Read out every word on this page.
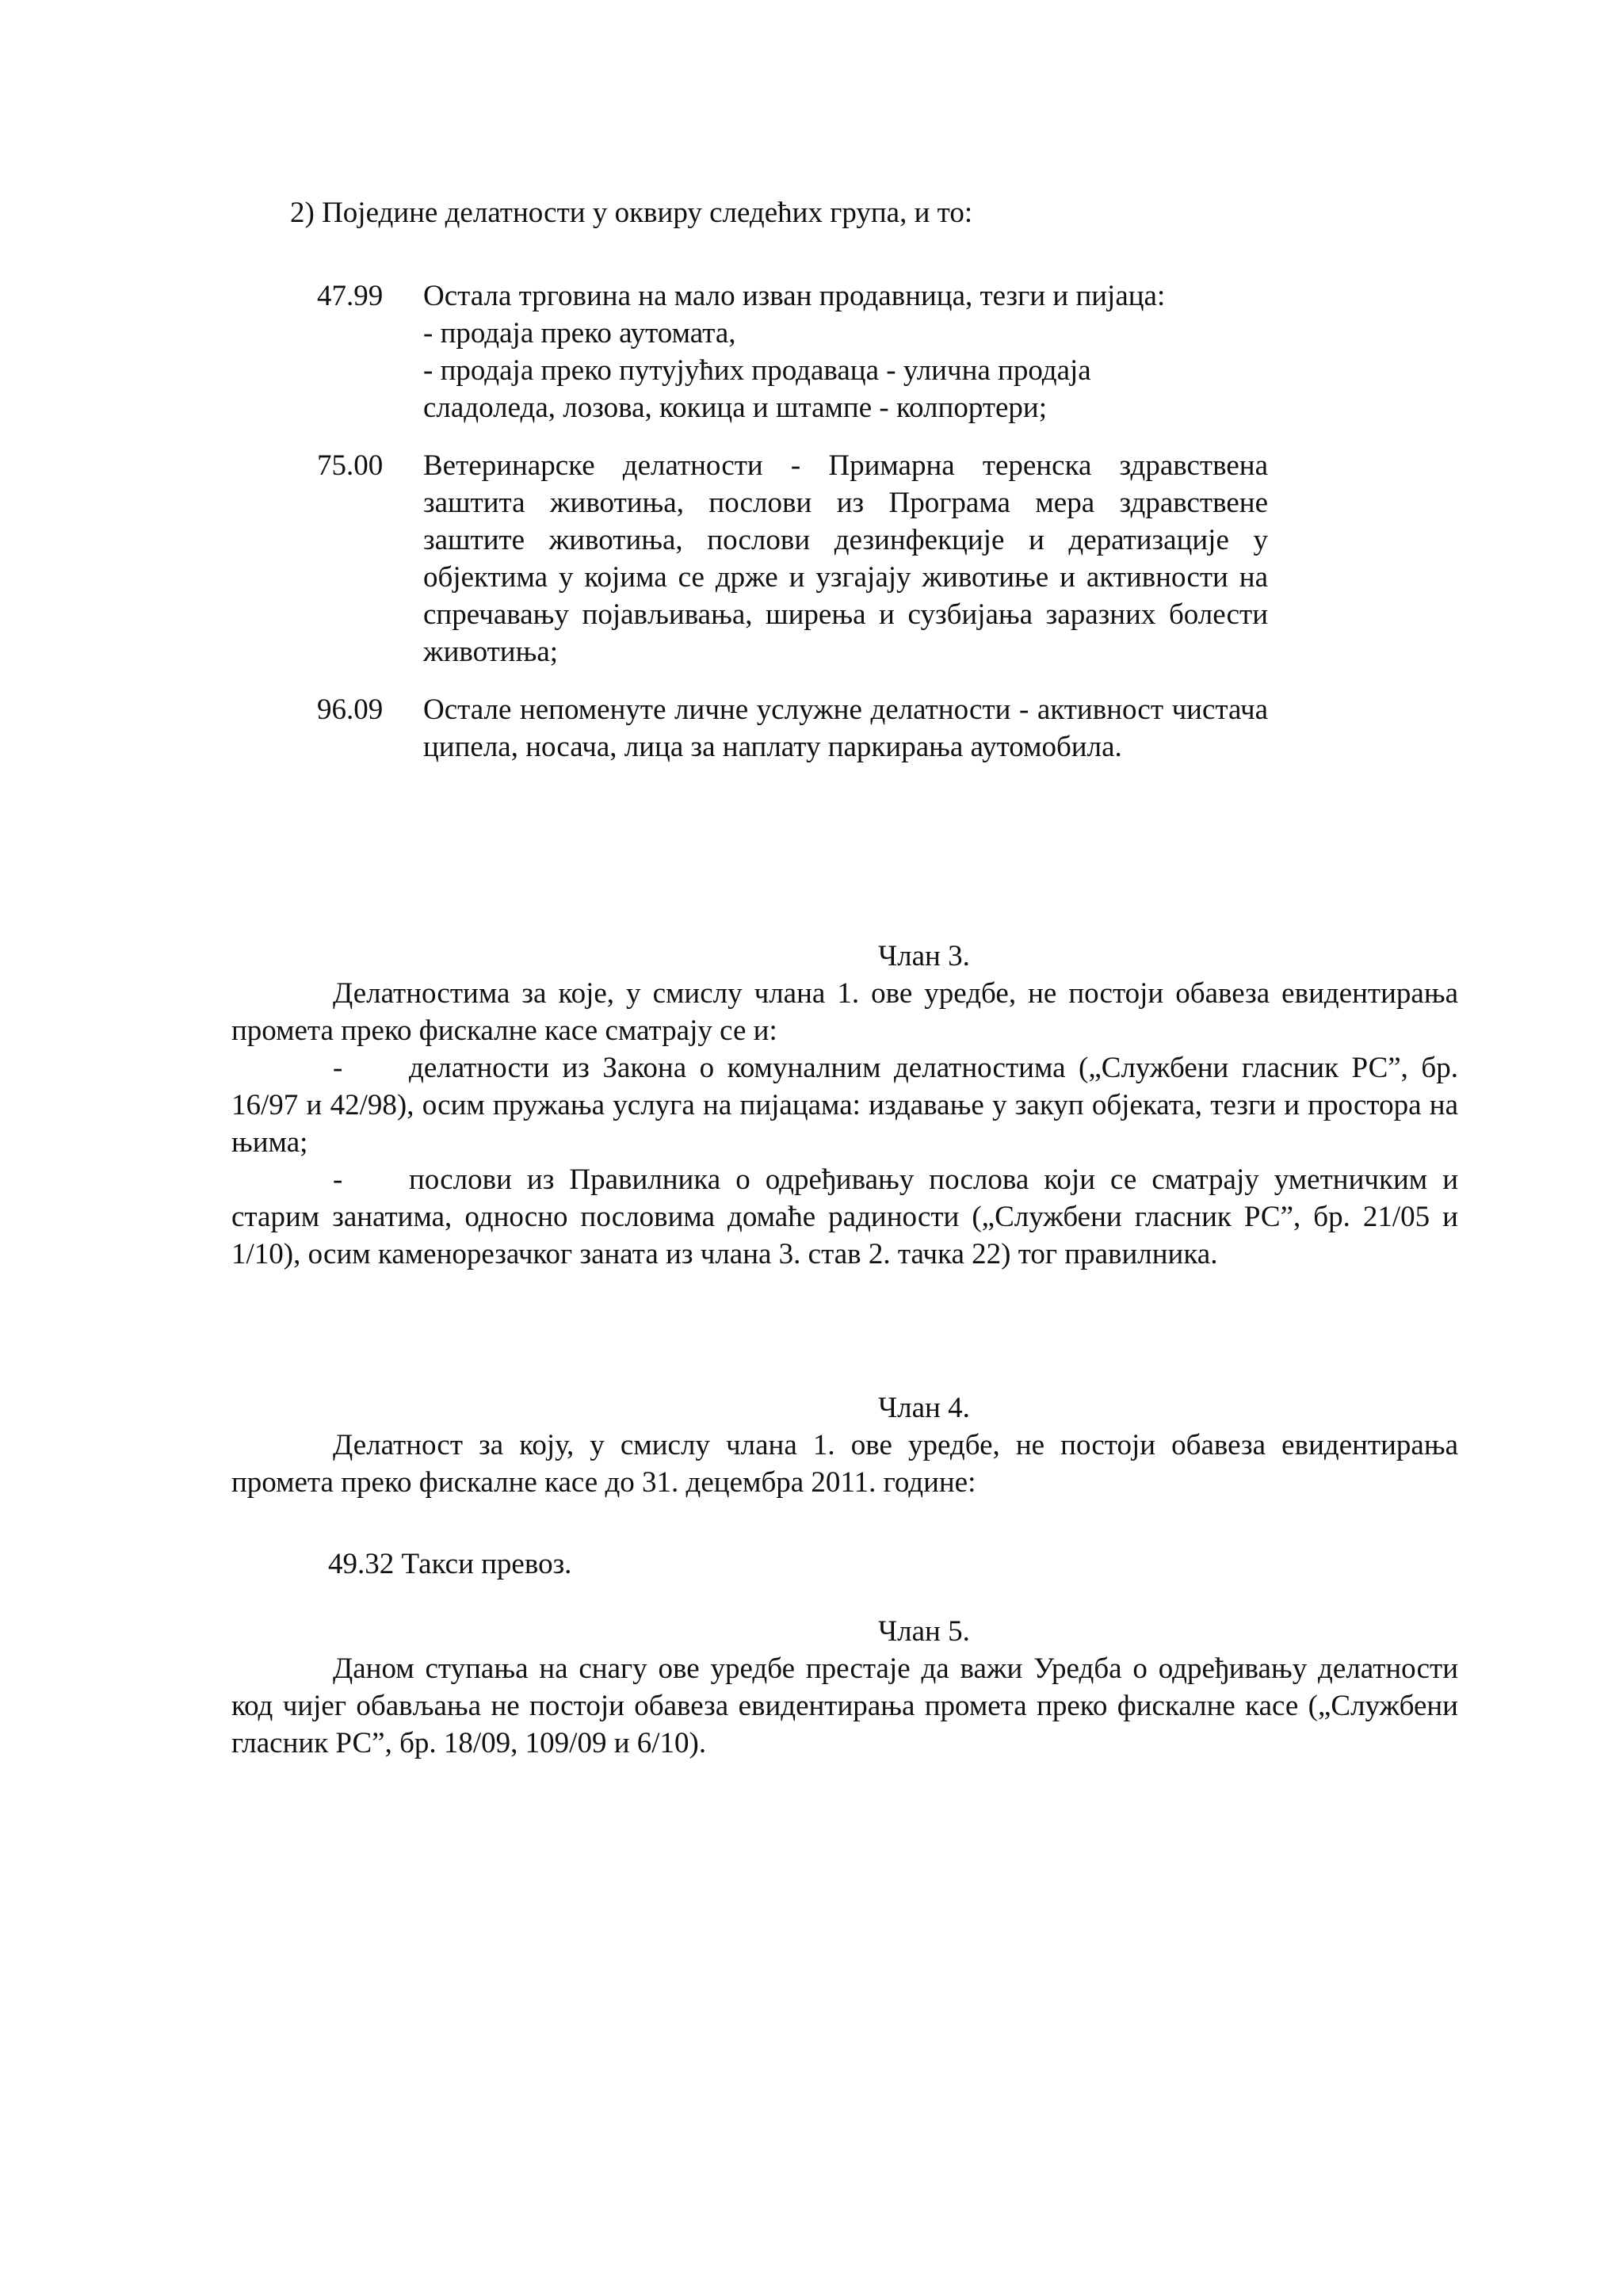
2) Поједине делатности у оквиру следећих група, и то:
47.99	Остала трговина на мало изван продавница, тезги и пијаца:
- продаја преко аутомата,
- продаја преко путујућих продаваца - улична продаја
сладоледа, лозова, кокица и штампе - колпортери;
75.00	Ветеринарске делатности - Примарна теренска здравствена заштита животиња, послови из Програма мера здравствене заштите животиња, послови дезинфекције и дератизације у објектима у којима се држе и узгајају животиње и активности на спречавању појављивања, ширења и сузбијања заразних болести животиња;
96.09	Остале непоменуте личне услужне делатности - активност чистача ципела, носача, лица за наплату паркирања аутомобила.
Члан 3.
Делатностима за које, у смислу члана 1. ове уредбе, не постоји обавеза евидентирања промета преко фискалне касе сматрају се и:
- делатности из Закона о комуналним делатностима („Службени гласник РС”, бр. 16/97 и 42/98), осим пружања услуга на пијацама: издавање у закуп објеката, тезги и простора на њима;
- послови из Правилника о одређивању послова који се сматрају уметничким и старим занатима, односно пословима домаће радиности („Службени гласник РС”, бр. 21/05 и 1/10), осим каменорезачког заната из члана 3. став 2. тачка 22) тог правилника.
Члан 4.
Делатност за коју, у смислу члана 1. ове уредбе, не постоји обавеза евидентирања промета преко фискалне касе до 31. децембра 2011. године:
49.32 Такси превоз.
Члан 5.
Даном ступања на снагу ове уредбе престаје да важи Уредба о одређивању делатности код чијег обављања не постоји обавеза евидентирања промета преко фискалне касе („Службени гласник РС”, бр. 18/09, 109/09 и 6/10).
